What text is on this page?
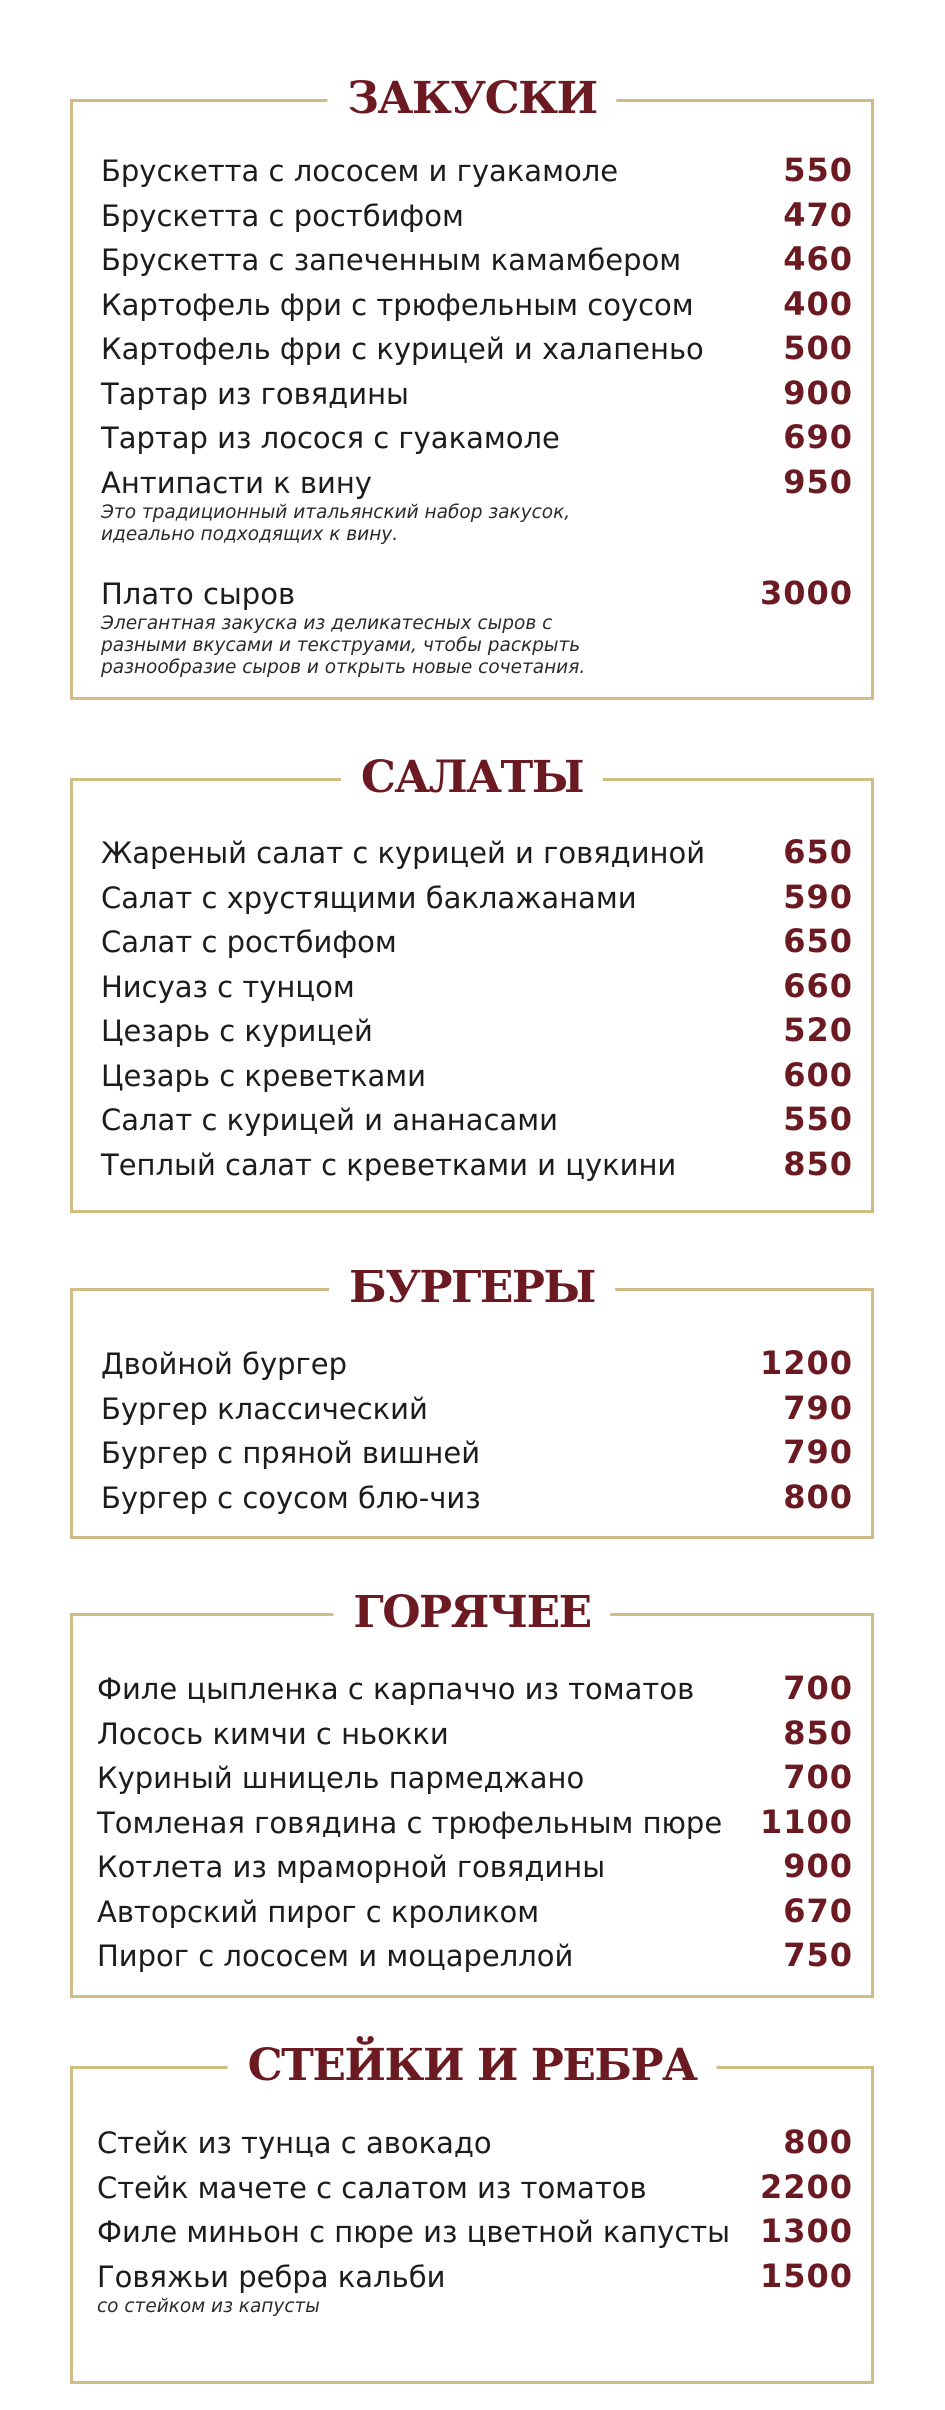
ЗАКУСКИ
Брускетта с лососем и гуакамоле	550
Брускетта с ростбифом	470
Брускетта с запеченным камамбером	460
Картофель фри с трюфельным соусом	400
Картофель фри с курицей и халапеньо	500
Тартар из говядины	900
Тартар из лосося с гуакамоле	690
Антипасти к вину	950
Это традиционный итальянский набор закусок, идеально подходящих к вину.
Плато сыров	3000
Элегантная закуска из деликатесных сыров с разными вкусами и текструами, чтобы раскрыть разнообразие сыров и открыть новые сочетания.
САЛАТЫ
Жареный салат с курицей и говядиной	650
Салат с хрустящими баклажанами	590
Салат с ростбифом	650
Нисуаз с тунцом	660
Цезарь с курицей	520
Цезарь с креветками	600
Салат с курицей и ананасами	550
Теплый салат с креветками и цукини	850
БУРГЕРЫ
Двойной бургер	1200
Бургер классический	790
Бургер с пряной вишней	790
Бургер с соусом блю-чиз	800
ГОРЯЧЕЕ
Филе цыпленка с карпаччо из томатов	700
Лосось кимчи с ньокки	850
Куриный шницель пармеджано	700
Томленая говядина с трюфельным пюре	1100
Котлета из мраморной говядины	900
Авторский пирог с кроликом	670
Пирог с лососем и моцареллой	750
СТЕЙКИ И РЕБРА
Стейк из тунца с авокадо	800
Стейк мачете с салатом из томатов	2200
Филе миньон с пюре из цветной капусты 1300
Говяжьи ребра кальби	1500
со стейком из капусты
